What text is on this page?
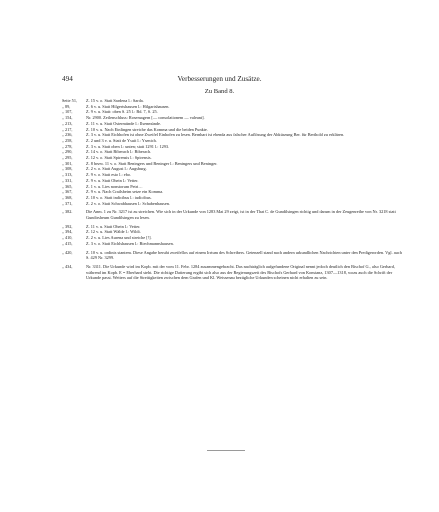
494	Verbesserungen und Zusätze.
Zu Band 8.
Seite 51,	Z. 15 v. o. Statt Sardena l.: Sarda.
„ 89,	Z. 6 v. u. Statt Hilgertshausen l.: Hilgartshausen.
„ 107,	Z. 9 v. u. Statt: oben S. 25 l.: Bd. 7, S. 25.
„ 154,	Nr. 2900. Zeilenschluss: Rosemagern [— consolationem — valeant].
„ 213,	Z. 11 v. u. Statt Ostermünde l.: Ilsenmünde.
„ 217,	Z. 10 v. u. Nach Einlingen streiche das Komma und die beiden Punkte.
„ 236,	Z. 3 v. u. Statt Eichhofen ist ohne Zweifel Einhofen zu lesen. Bernhart ist ebenda aus falscher Auflösung der Abkürzung Ber. für Berthold zu erklären.
„ 258,	Z. 2 und 3 v. u. Statt de Ysuit l.: Ysenich.
„ 278,	Z. 3 v. u. Statt oben l.: unten; statt 1291 l.: 1293.
„ 290,	Z. 14 v. o. Statt Biberach l.: Biberach.
„ 295,	Z. 12 v. o. Statt Spirensis l.: Spirensis.
„ 301,	Z. 8 bezw. 11 v. o. Statt Beningers und Beninger l.: Beningers und Beninger.
„ 308,	Z. 2 v. o. Statt August l.: Augsburg.
„ 313,	Z. 9 v. o. Statt esto l.: ebo.
„ 331,	Z. 9 v. u. Statt Ohein l.: Vetter.
„ 365,	Z. 1 v. u. Lies nonstorum Petri…
„ 367,	Z. 9 v. u. Nach Crailsbeim setze ein Komma.
„ 368,	Z. 10 v. o. Statt indicibus l.: iudicibus.
„ 371,	Z. 2 v. o. Statt Schwabhausen l.: Schabenhausen.
„ 382.	Die Anm. 1 zu Nr. 3217 ist zu streichen. Wie sich in der Urkunde von 1283 Mai 29 zeigt, ist in der That C. de Gundilsingen richtig und darum in der Zeugenreihe von Nr. 3218 statt Gundirsheum Gundilsingen zu lesen.
„ 392,	Z. 11 v. u. Statt Ohein l.: Vetter.
„ 394,	Z. 12 v. u. Statt Wälde l.: Wildi.
„ 410,	Z. 2 v. u. Lies Aurena und streiche [!].
„ 415,	Z. 3 v. o. Statt Eichlshausen l.: Biechmannshausen.
„ 420,	Z. 10 v. u. ordinis stantem. Diese Angabe beruht zweifellos auf einem Irrtum des Schreibers. Getenzell stand nach andern urkundlichen Nachrichten unter den Predigerorden. Vgl. auch S. 429 Nr. 3299.
„ 434,	Nr. 3311. Die Urkunde wird im Kopb. mit der vom 11. Febr. 1284 zusammengebracht. Das nachträglich aufgefundene Original nennt jedoch deutlich den Bischof G., also Gerhard, während im Kopb. E = Eberhard steht. Die richtige Datierung ergibt sich also aus der Regierungszeit des Bischofs Gerhard von Konstanz, 1307—1318, wozu auch die Schrift der Urkunde passt. Weiters auf die Streitigkeiten zwischen dem Grafen und Kl. Weissenau bezügliche Urkunden scheinen nicht erhalten zu sein.
